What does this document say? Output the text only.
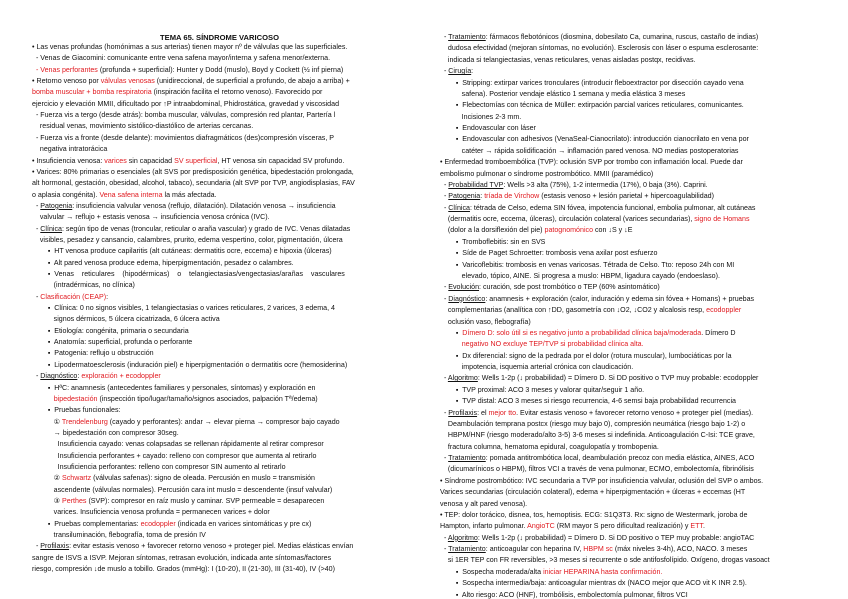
TEMA 65. SÍNDROME VARICOSO
• Las venas profundas (homónimas a sus arterias) tienen mayor nº de válvulas que las superficiales.
- Venas de Giacomini: comunicante entre vena safena mayor/interna y safena menor/externa.
- Venas perforantes (profunda + superficial): Hunter y Dodd (muslo), Boyd y Cockett (½ inf pierna)
• Retorno venoso por válvulas venosas (unidireccional, de superficial a profundo, de abajo a arriba) +
bomba muscular + bomba respiratoria (inspiración facilita el retorno venoso). Favorecido por
ejercicio y elevación MMII, dificultado por ↑P intraabdominal, Phidrostática, gravedad y viscosidad
- Fuerza vis a tergo (desde atrás): bomba muscular, válvulas, compresión red plantar, Partería l
residual venas, movimiento sistólico-diastólico de arterias cercanas.
- Fuerza vis a fronte (desde delante): movimientos diafragmáticos (des)compresión vísceras, P
negativa intratorácica
• Insuficiencia venosa: varices sin capacidad SV superficial, HT venosa sin capacidad SV profundo.
• Varices: 80% primarias o esenciales (alt SVS por predisposición genética, bipedestación prolongada,
alt hormonal, gestación, obesidad, alcohol, tabaco), secundaria (alt SVP por TVP, angiodisplasias, FAV
o aplasia congénita). Vena safena interna la más afectada.
- Patogenia: insuficiencia valvular venosa (reflujo, dilatación). Dilatación venosa → insuficiencia
valvular → reflujo + estasis venosa → insuficiencia venosa crónica (IVC).
- Clínica: según tipo de venas (troncular, reticular o araña vascular) y grado de IVC. Venas dilatadas
visibles, pesadez y cansancio, calambres, prurito, edema vespertino, color, pigmentación, úlcera
▪  HT venosa produce capilaritis (alt cutáneas: dermatitis ocre, eccema) e hipoxia (úlceras)
▪  Alt pared venosa produce edema, hiperpigmentación, pesadez o calambres.
▪  Venas    reticulares    (hipodérmicas)    o    telangiectasias/vengectasias/arañas    vasculares
(intradérmicas, no clínica)
- Clasificación (CEAP):
▪  Clínica: 0 no signos visibles, 1 telangiectasias o varices reticulares, 2 varices, 3 edema, 4
signos dérmicos, 5 úlcera cicatrizada, 6 úlcera activa
▪  Etiología: congénita, primaria o secundaria
▪  Anatomía: superficial, profunda o perforante
▪  Patogenia: reflujo u obstrucción
▪  Lipodermatoesclerosis (induración piel) e hiperpigmentación o dermatitis ocre (hemosiderina)
- Diagnóstico: exploración + ecodoppler
▪  HªC: anamnesis (antecedentes familiares y personales, síntomas) y exploración en
bipedestación (inspección tipo/lugar/tamaño/signos asociados, palpación Tª/edema)
▪  Pruebas funcionales:
① Trendelenburg (cayado y perforantes): andar → elevar pierna → compresor bajo cayado
→ bipedestación con compresor 30seg.
Insuficiencia cayado: venas colapsadas se rellenan rápidamente al retirar compresor
Insuficiencia perforantes + cayado: relleno con compresor que aumenta al retirarlo
Insuficiencia perforantes: relleno con compresor SIN aumento al retirarlo
② Schwartz (válvulas safenas): signo de oleada. Percusión en muslo = transmisión
ascendente (válvulas normales). Percusión cara int muslo = descendente (insuf valvular)
③ Perthes (SVP): compresor en raíz muslo y caminar. SVP permeable = desaparecen
varices. Insuficiencia venosa profunda = permanecen varices + dolor
▪  Pruebas complementarias: ecodoppler (indicada en varices sintomáticas y pre cx)
transiluminación, flebografía, toma de presión IV
- Profilaxis: evitar estasis venoso + favorecer retorno venoso + proteger piel. Medias elásticas envían
sangre de ISVS a ISVP. Mejoran síntomas, retrasan evolución, indicada ante síntomas/factores
riesgo, compresión ↓de muslo a tobillo. Grados (mmHg): I (10-20), II (21-30), III (31-40), IV (>40)
- Tratamiento: fármacos flebotónicos (diosmina, dobesilato Ca, cumarina, ruscus, castaño de indias)
dudosa efectividad (mejoran síntomas, no evolución). Esclerosis con láser o espuma esclerosante:
indicada si telangiectasias, venas reticulares, venas aisladas postqx, recidivas.
- Cirugía:
▪  Stripping: extirpar varices tronculares (introducir fleboextractor por disección cayado vena
safena). Posterior vendaje elástico 1 semana y media elástica 3 meses
▪  Flebectomías con técnica de Müller: extirpación parcial varices reticulares, comunicantes.
Incisiones 2-3 mm.
▪  Endovascular con láser
▪  Endovascular con adhesivos (VenaSeal-Cianocrilato): introducción cianocrilato en vena por
catéter → rápida solidificación → inflamación pared venosa. NO medias postoperatorias
• Enfermedad tromboembólica (TVP): oclusión SVP por trombo con inflamación local. Puede dar
embolismo pulmonar o síndrome postrombótico. MMII (paramédico)
- Probabilidad TVP: Wells >3 alta (75%), 1-2 intermedia (17%), 0 baja (3%). Caprini.
- Patogenia: tríada de Virchow (estasis venoso + lesión parietal + hipercoagulabilidad)
- Clínica: tétrada de Celso, edema SIN fóvea, impotencia funcional, embolia pulmonar, alt cutáneas
(dermatitis ocre, eccema, úlceras), circulación colateral (varices secundarias), signo de Homans
(dolor a la dorsiflexión del pie) patognomónico con ↓S y ↓E
▪  Tromboflebitis: sin en SVS
▪  Síde de Paget Schroetter: trombosis vena axilar post esfuerzo
▪  Varicoflebitis: trombosis en venas varicosas. Tétrada de Celso. Tto: reposo 24h con MI
elevado, tópico, AINE. Si progresa a muslo: HBPM, ligadura cayado (endoeslaso).
- Evolución: curación, sde post trombótico o TEP (60% asintomático)
- Diagnóstico: anamnesis + exploración (calor, induración y edema sin fóvea + Homans) + pruebas
complementarias (analítica con ↑DD, gasometría con ↓O2, ↓CO2 y alcalosis resp, ecodoppler
oclusión vaso, flebografía)
▪  Dímero D: solo útil si es negativo junto a probabilidad clínica baja/moderada. Dímero D
negativo NO excluye TEP/TVP si probabilidad clínica alta.
▪  Dx diferencial: signo de la pedrada por el dolor (rotura muscular), lumbociáticas por la
impotencia, isquemia arterial crónica con claudicación.
- Algoritmo: Wells 1-2p (↓ probabilidad) = Dímero D. Si DD positivo o TVP muy probable: ecodoppler
▪  TVP proximal: ACO 3 meses y valorar quitar/seguir 1 año.
▪  TVP distal: ACO 3 meses si riesgo recurrencia, 4-6 semsi baja probabilidad recurrencia
- Profilaxis: el mejor tto. Evitar estasis venoso + favorecer retorno venoso + proteger piel (medias).
Deambulación temprana postcx (riesgo muy bajo 0), compresión neumática (riesgo bajo 1-2) o
HBPM/HNF (riesgo moderado/alto 3-5) 3-6 meses si indefinida. Anticoagulación C-Isi: TCE grave,
fractura columna, hematoma epidural, coagulopatía y trombopenia.
- Tratamiento: pomada antitrombótica local, deambulación precoz con media elástica, AINES, ACO
(dicumarínicos o HBPM), filtros VCI a través de vena pulmonar, ECMO, embolectomía, fibrinólisis
• Síndrome postrombótico: IVC secundaria a TVP por insuficiencia valvular, oclusión del SVP o ambos.
Varices secundarias (circulación colateral), edema + hiperpigmentación + úlceras + eccemas (HT
venosa y alt pared venosa).
• TEP: dolor torácico, disnea, tos, hemoptisis. ECG: S1Q3T3. Rx: signo de Westermark, joroba de
Hampton, infarto pulmonar. AngioTC (RM mayor S pero dificultad realización) y ETT.
- Algoritmo: Wells 1-2p (↓ probabilidad) = Dímero D. Si DD positivo o TEP muy probable: angioTAC
- Tratamiento: anticoagular con heparina IV, HBPM sc (máx niveles 3-4h), ACO, NACO. 3 meses
si 1ER TEP con FR reversibles, >3 meses si recurrente o sde antifosfolípido. Oxígeno, drogas vasoact
▪  Sospecha moderada/alta iniciar HEPARINA hasta confirmación.
▪  Sospecha intermedia/baja: anticoagular mientras dx (NACO mejor que ACO vit K INR 2.5).
▪  Alto riesgo: ACO (HNF), trombólisis, embolectomía pulmonar, filtros VCI
